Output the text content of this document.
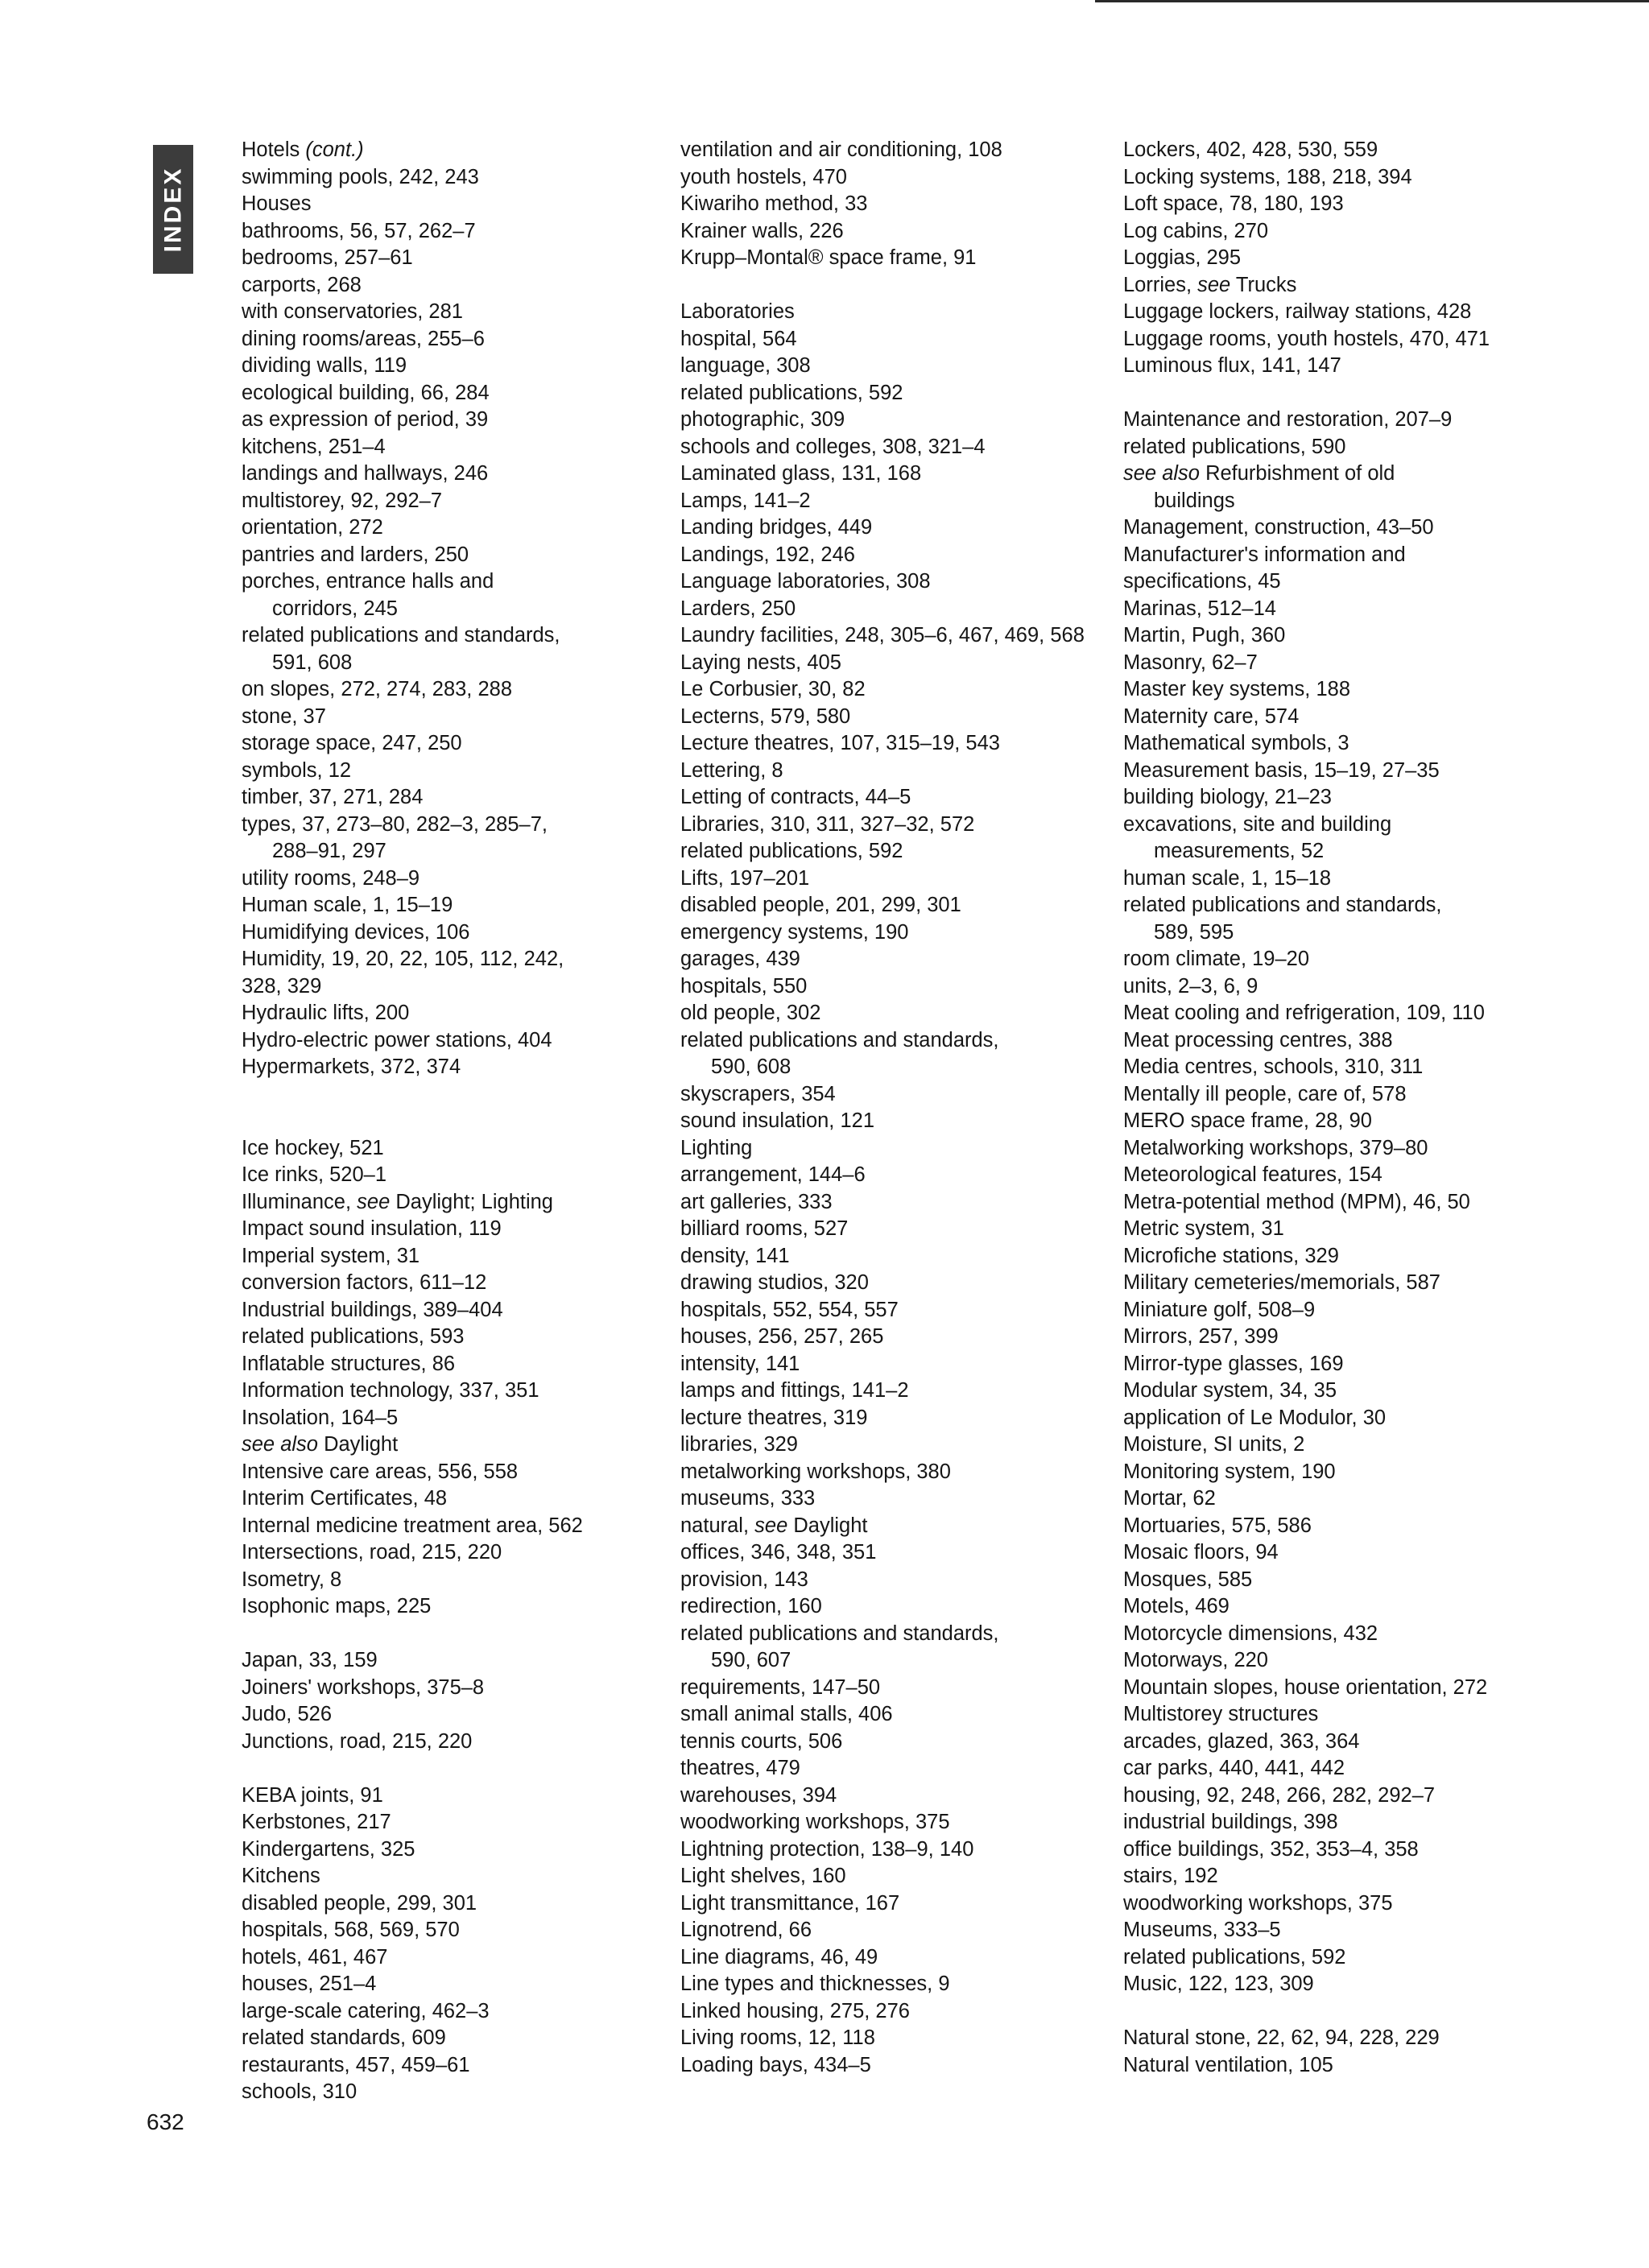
INDEX
Hotels (cont.)
swimming pools, 242, 243
Houses
bathrooms, 56, 57, 262–7
bedrooms, 257–61
carports, 268
with conservatories, 281
dining rooms/areas, 255–6
dividing walls, 119
ecological building, 66, 284
as expression of period, 39
kitchens, 251–4
landings and hallways, 246
multistorey, 92, 292–7
orientation, 272
pantries and larders, 250
porches, entrance halls and
corridors, 245
related publications and standards,
591, 608
on slopes, 272, 274, 283, 288
stone, 37
storage space, 247, 250
symbols, 12
timber, 37, 271, 284
types, 37, 273–80, 282–3, 285–7,
288–91, 297
utility rooms, 248–9
Human scale, 1, 15–19
Humidifying devices, 106
Humidity, 19, 20, 22, 105, 112, 242,
328, 329
Hydraulic lifts, 200
Hydro-electric power stations, 404
Hypermarkets, 372, 374
Ice hockey, 521
Ice rinks, 520–1
Illuminance, see Daylight; Lighting
Impact sound insulation, 119
Imperial system, 31
conversion factors, 611–12
Industrial buildings, 389–404
related publications, 593
Inflatable structures, 86
Information technology, 337, 351
Insolation, 164–5
see also Daylight
Intensive care areas, 556, 558
Interim Certificates, 48
Internal medicine treatment area, 562
Intersections, road, 215, 220
Isometry, 8
Isophonic maps, 225
Japan, 33, 159
Joiners' workshops, 375–8
Judo, 526
Junctions, road, 215, 220
KEBA joints, 91
Kerbstones, 217
Kindergartens, 325
Kitchens
disabled people, 299, 301
hospitals, 568, 569, 570
hotels, 461, 467
houses, 251–4
large-scale catering, 462–3
related standards, 609
restaurants, 457, 459–61
schools, 310
ventilation and air conditioning, 108
youth hostels, 470
Kiwariho method, 33
Krainer walls, 226
Krupp–Montal® space frame, 91
Laboratories
hospital, 564
language, 308
related publications, 592
photographic, 309
schools and colleges, 308, 321–4
Laminated glass, 131, 168
Lamps, 141–2
Landing bridges, 449
Landings, 192, 246
Language laboratories, 308
Larders, 250
Laundry facilities, 248, 305–6, 467, 469, 568
Laying nests, 405
Le Corbusier, 30, 82
Lecterns, 579, 580
Lecture theatres, 107, 315–19, 543
Lettering, 8
Letting of contracts, 44–5
Libraries, 310, 311, 327–32, 572
related publications, 592
Lifts, 197–201
disabled people, 201, 299, 301
emergency systems, 190
garages, 439
hospitals, 550
old people, 302
related publications and standards,
590, 608
skyscrapers, 354
sound insulation, 121
Lighting
arrangement, 144–6
art galleries, 333
billiard rooms, 527
density, 141
drawing studios, 320
hospitals, 552, 554, 557
houses, 256, 257, 265
intensity, 141
lamps and fittings, 141–2
lecture theatres, 319
libraries, 329
metalworking workshops, 380
museums, 333
natural, see Daylight
offices, 346, 348, 351
provision, 143
redirection, 160
related publications and standards,
590, 607
requirements, 147–50
small animal stalls, 406
tennis courts, 506
theatres, 479
warehouses, 394
woodworking workshops, 375
Lightning protection, 138–9, 140
Light shelves, 160
Light transmittance, 167
Lignotrend, 66
Line diagrams, 46, 49
Line types and thicknesses, 9
Linked housing, 275, 276
Living rooms, 12, 118
Loading bays, 434–5
Lockers, 402, 428, 530, 559
Locking systems, 188, 218, 394
Loft space, 78, 180, 193
Log cabins, 270
Loggias, 295
Lorries, see Trucks
Luggage lockers, railway stations, 428
Luggage rooms, youth hostels, 470, 471
Luminous flux, 141, 147
Maintenance and restoration, 207–9
related publications, 590
see also Refurbishment of old
buildings
Management, construction, 43–50
Manufacturer's information and
specifications, 45
Marinas, 512–14
Martin, Pugh, 360
Masonry, 62–7
Master key systems, 188
Maternity care, 574
Mathematical symbols, 3
Measurement basis, 15–19, 27–35
building biology, 21–23
excavations, site and building
measurements, 52
human scale, 1, 15–18
related publications and standards,
589, 595
room climate, 19–20
units, 2–3, 6, 9
Meat cooling and refrigeration, 109, 110
Meat processing centres, 388
Media centres, schools, 310, 311
Mentally ill people, care of, 578
MERO space frame, 28, 90
Metalworking workshops, 379–80
Meteorological features, 154
Metra-potential method (MPM), 46, 50
Metric system, 31
Microfiche stations, 329
Military cemeteries/memorials, 587
Miniature golf, 508–9
Mirrors, 257, 399
Mirror-type glasses, 169
Modular system, 34, 35
application of Le Modulor, 30
Moisture, SI units, 2
Monitoring system, 190
Mortar, 62
Mortuaries, 575, 586
Mosaic floors, 94
Mosques, 585
Motels, 469
Motorcycle dimensions, 432
Motorways, 220
Mountain slopes, house orientation, 272
Multistorey structures
arcades, glazed, 363, 364
car parks, 440, 441, 442
housing, 92, 248, 266, 282, 292–7
industrial buildings, 398
office buildings, 352, 353–4, 358
stairs, 192
woodworking workshops, 375
Museums, 333–5
related publications, 592
Music, 122, 123, 309
Natural stone, 22, 62, 94, 228, 229
Natural ventilation, 105
632
